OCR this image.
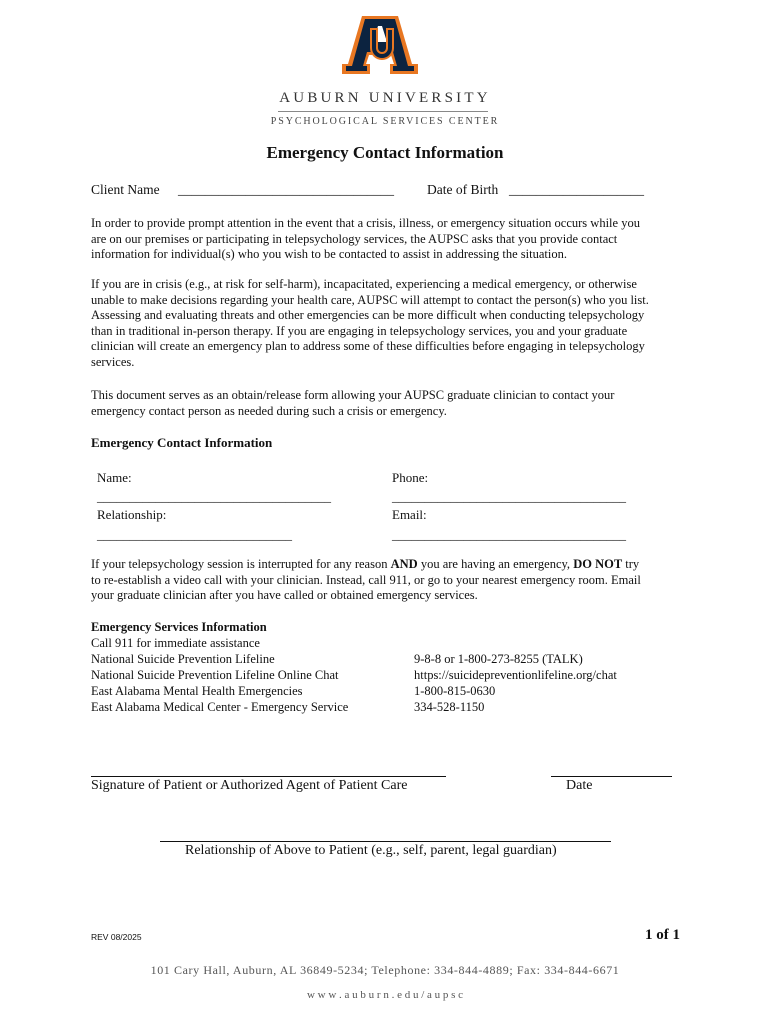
AUBURN UNIVERSITY
PSYCHOLOGICAL SERVICES CENTER
Emergency Contact Information
Client Name ________________________________ Date of Birth ____________________
In order to provide prompt attention in the event that a crisis, illness, or emergency situation occurs while you
are on our premises or participating in telepsychology services, the AUPSC asks that you provide contact
information for individual(s) who you wish to be contacted to assist in addressing the situation.
If you are in crisis (e.g., at risk for self-harm), incapacitated, experiencing a medical emergency, or otherwise
unable to make decisions regarding your health care, AUPSC will attempt to contact the person(s) who you list.
Assessing and evaluating threats and other emergencies can be more difficult when conducting telepsychology
than in traditional in-person therapy. If you are engaging in telepsychology services, you and your graduate
clinician will create an emergency plan to address some of these difficulties before engaging in telepsychology
services.
This document serves as an obtain/release form allowing your AUPSC graduate clinician to contact your
emergency contact person as needed during such a crisis or emergency.
Emergency Contact Information
Name:
____________________________________
Phone:
____________________________________
Relationship:
______________________________
Email:
____________________________________
If your telepsychology session is interrupted for any reason AND you are having an emergency, DO NOT try
to re-establish a video call with your clinician. Instead, call 911, or go to your nearest emergency room. Email
your graduate clinician after you have called or obtained emergency services.
Emergency Services Information
Call 911 for immediate assistance
National Suicide Prevention Lifeline
National Suicide Prevention Lifeline Online Chat
East Alabama Mental Health Emergencies
East Alabama Medical Center - Emergency Service
9-8-8 or 1-800-273-8255 (TALK)
https://suicidepreventionlifeline.org/chat
1-800-815-0630
334-528-1150
Signature of Patient or Authorized Agent of Patient Care	Date
Relationship of Above to Patient (e.g., self, parent, legal guardian)
REV 08/2025	1 of 1
101 Cary Hall, Auburn, AL 36849-5234; Telephone: 334-844-4889; Fax: 334-844-6671
w w w . a u b u r n . e d u / a u p s c
